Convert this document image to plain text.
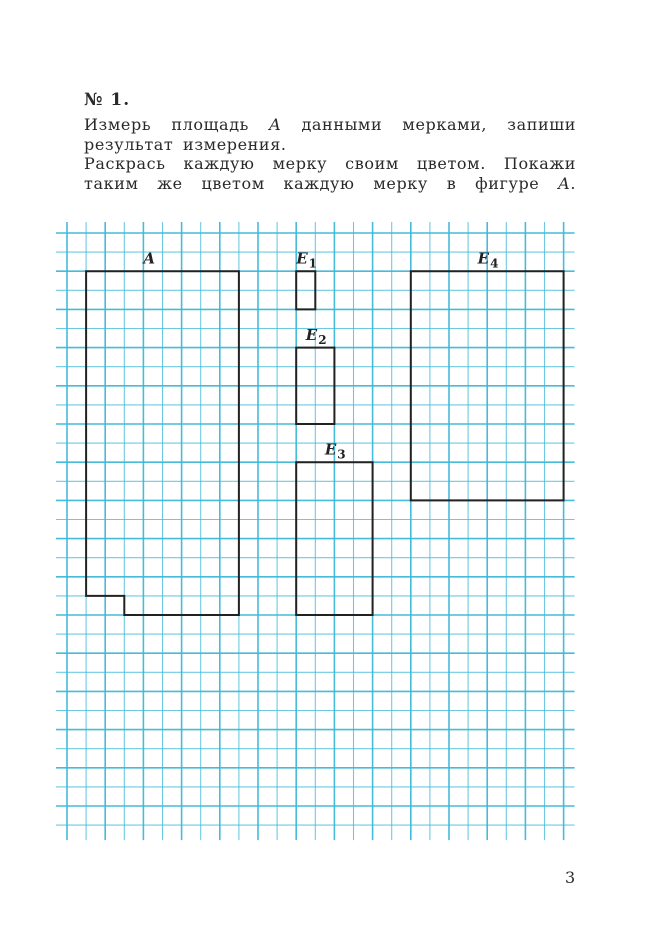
№ 1.
Измерь площадь A данными мерками, запиши
результат измерения.
Раскрась каждую мерку своим цветом. Покажи
таким же цветом каждую мерку в фигуре A.
A	$E_1$
$E_2$
$E_3$
$E_4$
3
